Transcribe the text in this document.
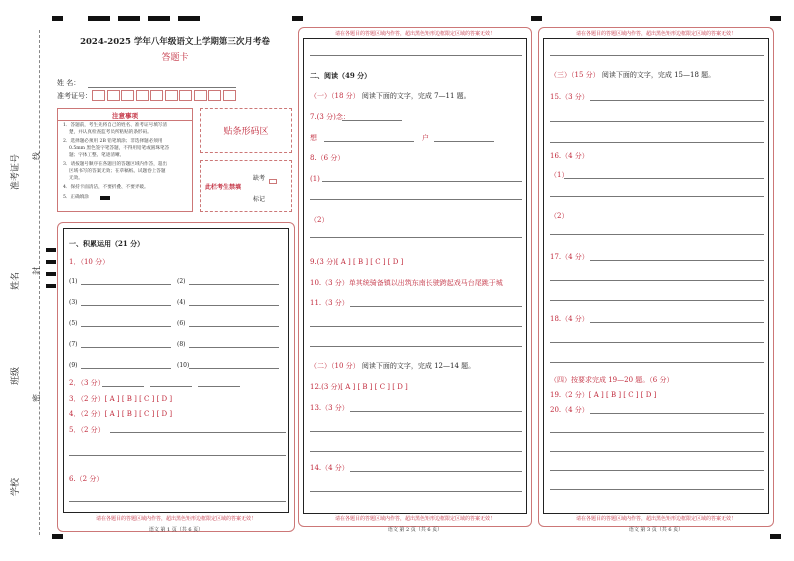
准考证号 线
姓名
封
班级
密
学校
2024-2025 学年八年级语文上学期第三次月考卷
答题卡
姓 名：
准考证号：
注意事项
1．答题前，考生先将自己的姓名、准考证号填写清
楚，并认真检查监考员所粘贴的条形码。
2．选择题必须用 2B 铅笔填涂；非选择题必须用
0.5mm 黑色签字笔答题，不得用铅笔或圆珠笔答
题；字体工整、笔迹清晰。
3．请按题号顺序在各题目的答题区域内作答，超出
区域书写的答案无效；在草稿纸、试题卷上答题
无效。
4．保持卡面清洁，不要折叠、不要弄破。
5．正确填涂
贴条形码区
此栏考生禁填
缺考
标记
一、积累运用（21 分）
1．（10 分）
(1)	(2)
(3)	(4)
(5)	(6)
(7)	(8)
(9)	(10)
2．（3 分）
3．（2 分）[ A ] [ B ] [ C ] [ D ]
4．（2 分）[ A ] [ B ] [ C ] [ D ]
5．（2 分）
6.（2 分）
请在各题目的答题区域内作答，超出黑色矩形边框限定区域的答案无效！
语文 第 1 页（共 6 页）
请在各题目的答题区域内作答，超出黑色矩形边框限定区域的答案无效！
二、阅读（49 分）
（一）（18 分） 阅读下面的文字，完成 7—11 题。
7.(3 分)念：
想	户
8.（6 分）
(1)
（2）
9.(3 分)[ A ] [ B ] [ C ] [ D ]
10.（3 分）单其统骑备镇以出筑东南长驶跨起戏马台尾跳于城
11.（3 分）
（二）（10 分） 阅读下面的文字，完成 12—14 题。
12.(3 分)[ A ] [ B ] [ C ] [ D ]
13.（3 分）
14.（4 分）
请在各题目的答题区域内作答，超出黑色矩形边框限定区域的答案无效！
语文 第 2 页（共 6 页）
请在各题目的答题区域内作答，超出黑色矩形边框限定区域的答案无效！
（三）（15 分） 阅读下面的文字，完成 15—18 题。
15.（3 分）
16.（4 分）
（1）
（2）
17.（4 分）
18.（4 分）
（四）按要求完成 19—20 题。（6 分）
19.（2 分）[ A ] [ B ] [ C ] [ D ]
20.（4 分）
请在各题目的答题区域内作答，超出黑色矩形边框限定区域的答案无效！
语文 第 3 页（共 6 页）
